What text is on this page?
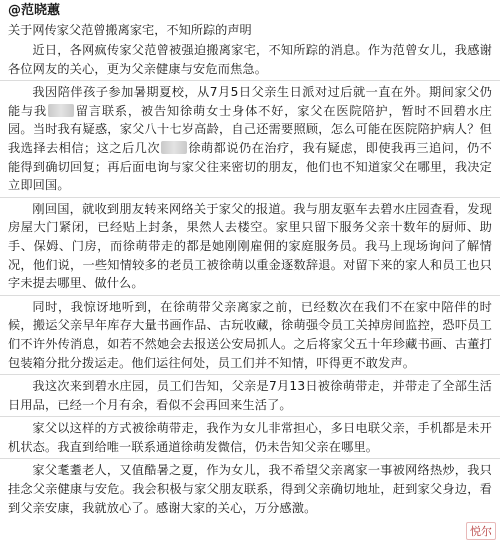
@范晓蕙
关于网传家父范曾搬离家宅，不知所踪的声明

近日，各网疯传家父范曾被强迫搬离家宅，不知所踪的消息。作为范曾女儿，我感谢各位网友的关心，更为父亲健康与安危而焦急。

我因陪伴孩子参加暑期夏校，从7月5日父亲生日派对过后就一直在外。期间家父仍能与我 留言联系，被告知徐萌女士身体不好，家父在医院陪护，暂时不回碧水庄园。当时我有疑惑，家父八十七岁高龄，自己还需要照顾，怎么可能在医院陪护病人？但我选择去相信；这之后几次 徐萌都说仍在治疗，我有疑虑，即使我再三追问，仍不能得到确切回复；再后面电询与家父往来密切的朋友，他们也不知道家父在哪里，我决定立即回国。

刚回国，就收到朋友转来网络关于家父的报道。我与朋友驱车去碧水庄园查看，发现房屋大门紧闭，已经贴上封条，果然人去楼空。家里只留下服务父亲十数年的厨师、助手、保姆、门房，而徐萌带走的都是她刚刚雇佣的家庭服务员。我马上现场询问了解情况，他们说，一些知情较多的老员工被徐萌以重金逐数辞退。对留下来的家人和员工也只字未提去哪里、做什么。

同时，我惊讶地听到，在徐萌带父亲离家之前，已经数次在我们不在家中陪伴的时候，搬运父亲早年库存大量书画作品、古玩收藏，徐萌强令员工关掉房间监控，恐吓员工们不许外传消息，如若不然她会去报送公安局抓人。之后将家父五十年珍藏书画、古董打包装箱分批分拨运走。他们运往何处，员工们并不知情，吓得更不敢发声。

我这次来到碧水庄园，员工们告知，父亲是7月13日被徐萌带走，并带走了全部生活日用品，已经一个月有余，看似不会再回来生活了。

家父以这样的方式被徐萌带走，我作为女儿非常担心，多日电联父亲，手机都是未开机状态。我直到给唯一联系通道徐萌发微信，仍未告知父亲在哪里。

家父耄耋老人，又值酷暑之夏，作为女儿，我不希望父亲离家一事被网络热炒，我只挂念父亲健康与安危。我会积极与家父朋友联系，得到父亲确切地址，赶到家父身边，看到父亲安康，我就放心了。感谢大家的关心，万分感激。

悦尔
